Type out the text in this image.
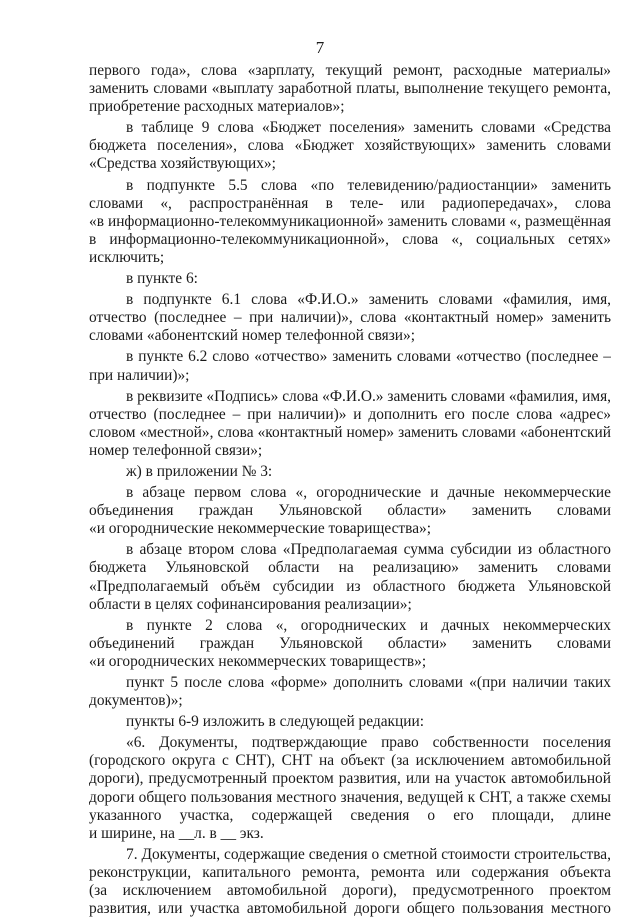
7
первого года», слова «зарплату, текущий ремонт, расходные материалы»
заменить словами «выплату заработной платы, выполнение текущего ремонта,
приобретение расходных материалов»;
в таблице 9 слова «Бюджет поселения» заменить словами «Средства
бюджета поселения», слова «Бюджет хозяйствующих» заменить словами
«Средства хозяйствующих»;
в подпункте 5.5 слова «по телевидению/радиостанции» заменить
словами «, распространённая в теле- или радиопередачах», слова
«в информационно-телекоммуникационной» заменить словами «, размещённая
в информационно-телекоммуникационной», слова «, социальных сетях»
исключить;
в пункте 6:
в подпункте 6.1 слова «Ф.И.О.» заменить словами «фамилия, имя,
отчество (последнее – при наличии)», слова «контактный номер» заменить
словами «абонентский номер телефонной связи»;
в пункте 6.2 слово «отчество» заменить словами «отчество (последнее –
при наличии)»;
в реквизите «Подпись» слова «Ф.И.О.» заменить словами «фамилия, имя,
отчество (последнее – при наличии)» и дополнить его после слова «адрес»
словом «местной», слова «контактный номер» заменить словами «абонентский
номер телефонной связи»;
ж) в приложении № 3:
в абзаце первом слова «, огороднические и дачные некоммерческие
объединения граждан Ульяновской области» заменить словами
«и огороднические некоммерческие товарищества»;
в абзаце втором слова «Предполагаемая сумма субсидии из областного
бюджета Ульяновской области на реализацию» заменить словами
«Предполагаемый объём субсидии из областного бюджета Ульяновской
области в целях софинансирования реализации»;
в пункте 2 слова «, огороднических и дачных некоммерческих
объединений граждан Ульяновской области» заменить словами
«и огороднических некоммерческих товариществ»;
пункт 5 после слова «форме» дополнить словами «(при наличии таких
документов)»;
пункты 6-9 изложить в следующей редакции:
«6. Документы, подтверждающие право собственности поселения
(городского округа с СНТ), СНТ на объект (за исключением автомобильной
дороги), предусмотренный проектом развития, или на участок автомобильной
дороги общего пользования местного значения, ведущей к СНТ, а также схемы
указанного участка, содержащей сведения о его площади, длине
и ширине, на __л. в __ экз.
7. Документы, содержащие сведения о сметной стоимости строительства,
реконструкции, капитального ремонта, ремонта или содержания объекта
(за исключением автомобильной дороги), предусмотренного проектом
развития, или участка автомобильной дороги общего пользования местного
